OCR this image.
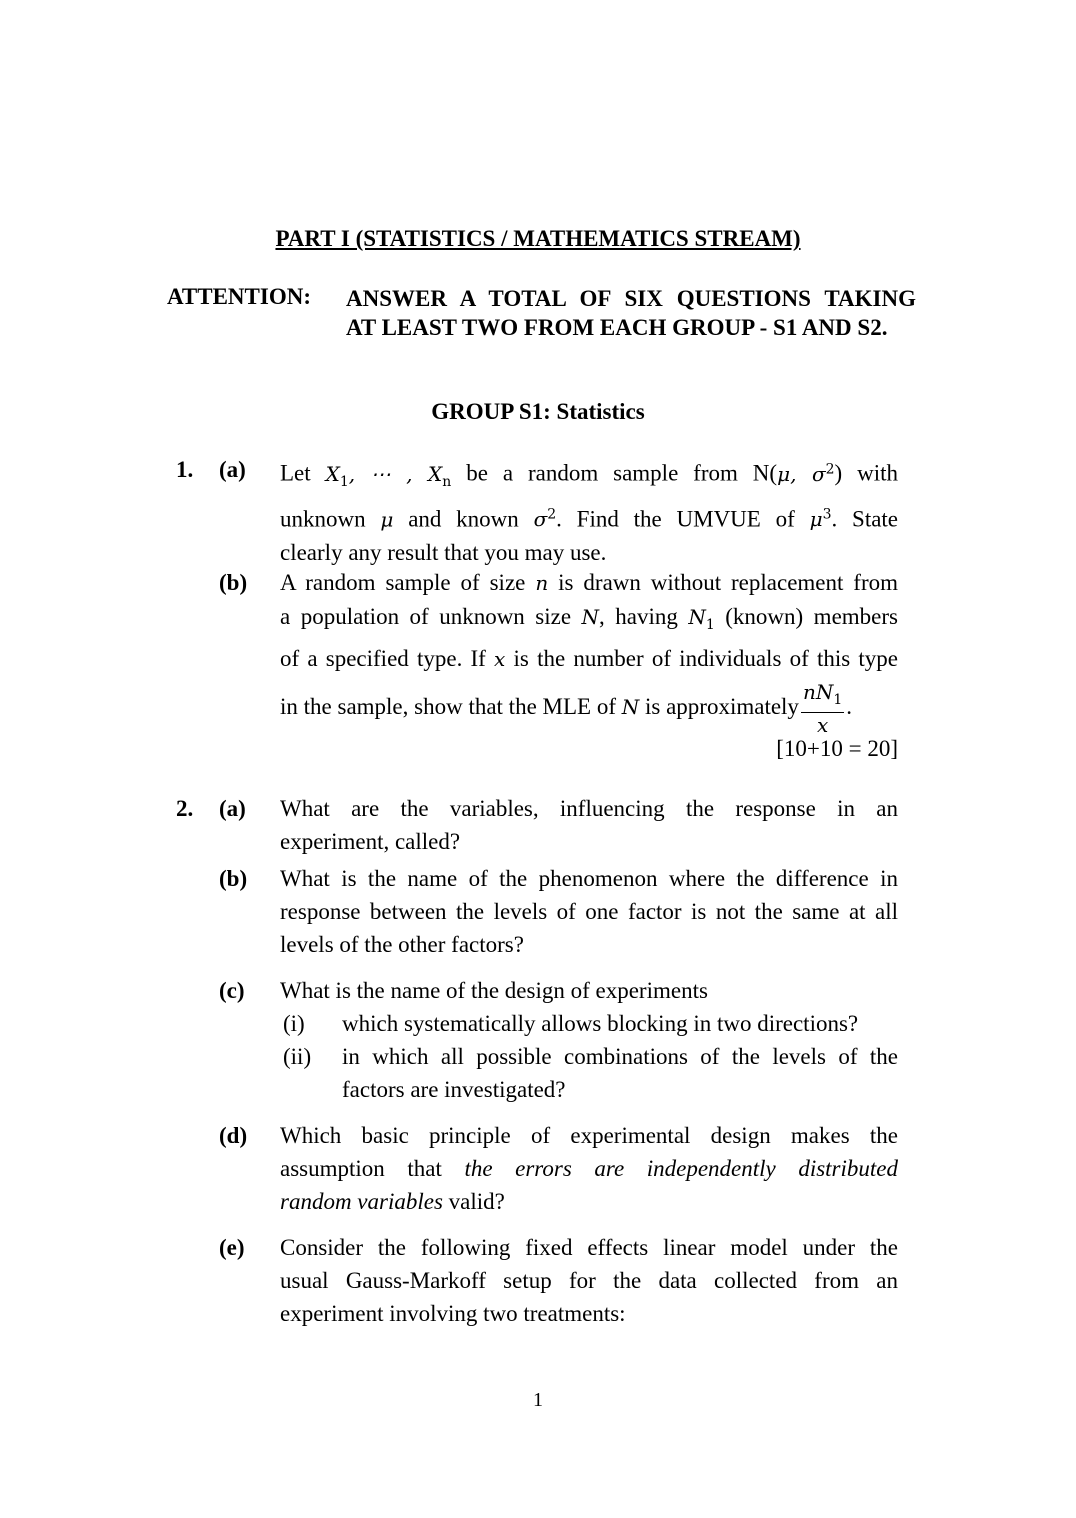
PART I (STATISTICS / MATHEMATICS STREAM)
ATTENTION: ANSWER A TOTAL OF SIX QUESTIONS TAKING
AT LEAST TWO FROM EACH GROUP - S1 AND S2.
GROUP S1: Statistics
1. (a) Let $X_1$, ⋯ , $X_n$ be a random sample from N(μ, $\sigma^2$) with
unknown μ and known $\sigma^2$. Find the UMVUE of $\mu^3$. State
clearly any result that you may use.
(b) A random sample of size n is drawn without replacement from
a population of unknown size N, having $N_1$ (known) members
of a specified type. If x is the number of individuals of this type
in the sample, show that the MLE of N is approximately $\frac{nN_1}{x}$ .
[10+10 = 20]
2. (a) What are the variables, influencing the response in an
experiment, called?
(b) What is the name of the phenomenon where the difference in
response between the levels of one factor is not the same at all
levels of the other factors?
(c) What is the name of the design of experiments
(i) which systematically allows blocking in two directions?
(ii) in which all possible combinations of the levels of the
factors are investigated?
(d) Which basic principle of experimental design makes the
assumption that the errors are independently distributed
random variables valid?
(e) Consider the following fixed effects linear model under the
usual Gauss-Markoff setup for the data collected from an
experiment involving two treatments:
1
